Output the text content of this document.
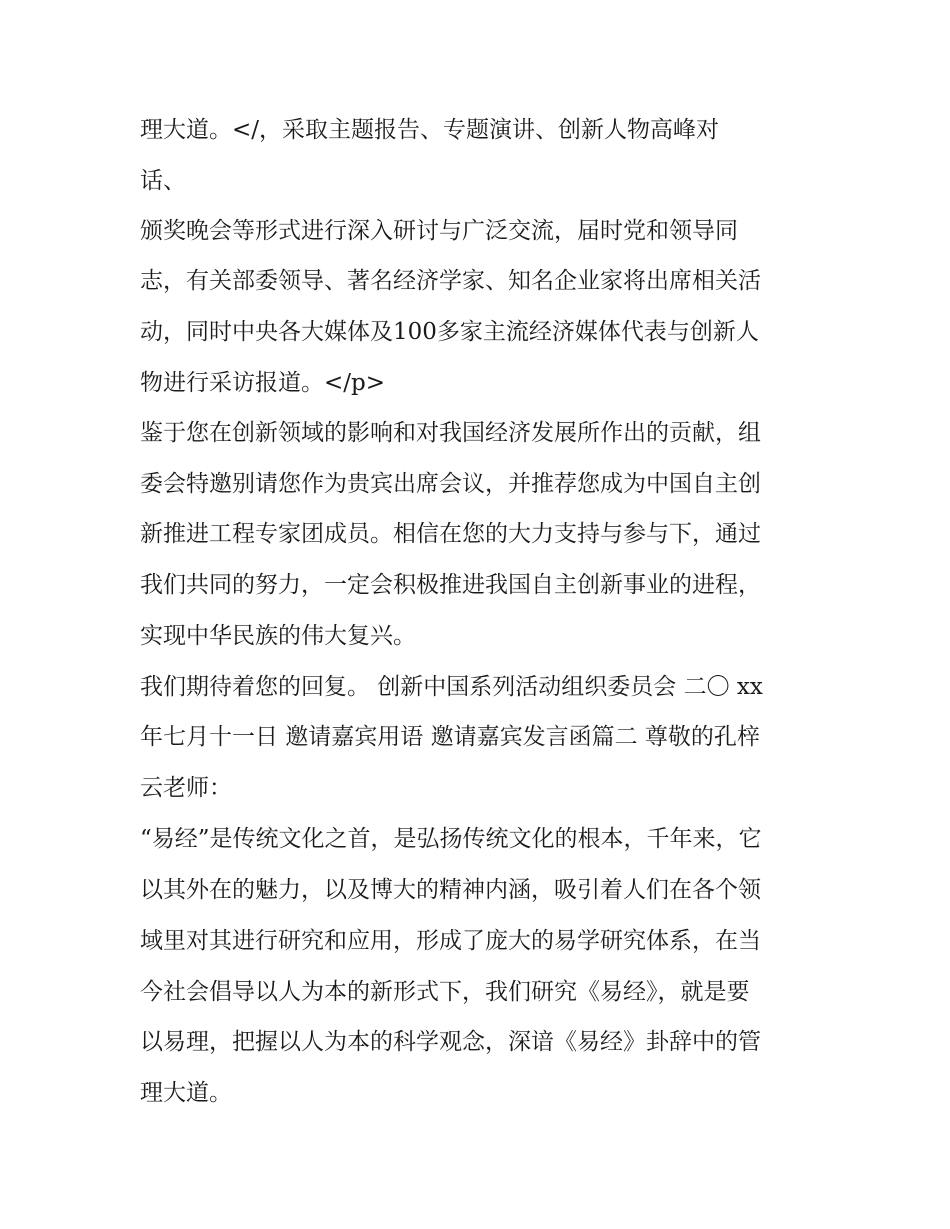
理大道。</，采取主题报告、专题演讲、创新人物高峰对
话、
颁奖晚会等形式进行深入研讨与广泛交流，届时党和领导同
志，有关部委领导、著名经济学家、知名企业家将出席相关活
动，同时中央各大媒体及100多家主流经济媒体代表与创新人
物进行采访报道。</p>
鉴于您在创新领域的影响和对我国经济发展所作出的贡献，组
委会特邀别请您作为贵宾出席会议，并推荐您成为中国自主创
新推进工程专家团成员。相信在您的大力支持与参与下，通过
我们共同的努力，一定会积极推进我国自主创新事业的进程，
实现中华民族的伟大复兴。
我们期待着您的回复。 创新中国系列活动组织委员会 二〇 xx
年七月十一日 邀请嘉宾用语 邀请嘉宾发言函篇二 尊敬的孔梓
云老师：
“易经”是传统文化之首，是弘扬传统文化的根本，千年来，它
以其外在的魅力，以及博大的精神内涵，吸引着人们在各个领
域里对其进行研究和应用，形成了庞大的易学研究体系，在当
今社会倡导以人为本的新形式下，我们研究《易经》，就是要
以易理，把握以人为本的科学观念，深谙《易经》卦辞中的管
理大道。
